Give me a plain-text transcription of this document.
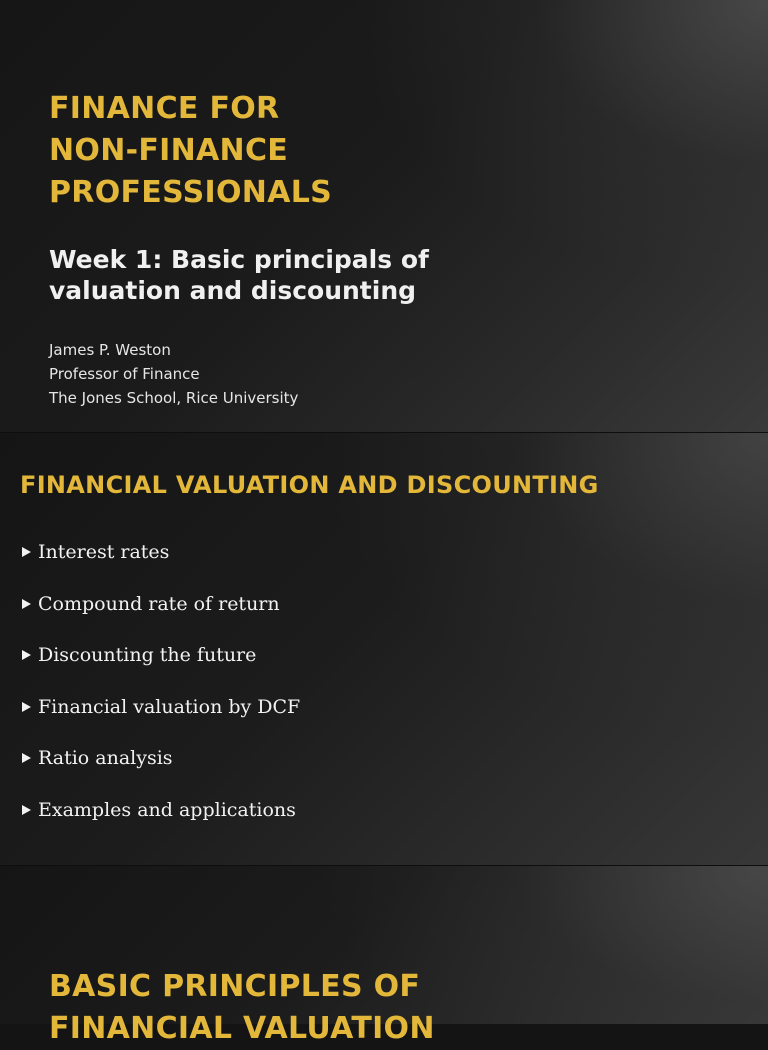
FINANCE FOR
NON-FINANCE
PROFESSIONALS
Week 1: Basic principals of
valuation and discounting
James P. Weston
Professor of Finance
The Jones School, Rice University
FINANCIAL VALUATION AND DISCOUNTING
Interest rates
Compound rate of return
Discounting the future
Financial valuation by DCF
Ratio analysis
Examples and applications
BASIC PRINCIPLES OF
FINANCIAL VALUATION
